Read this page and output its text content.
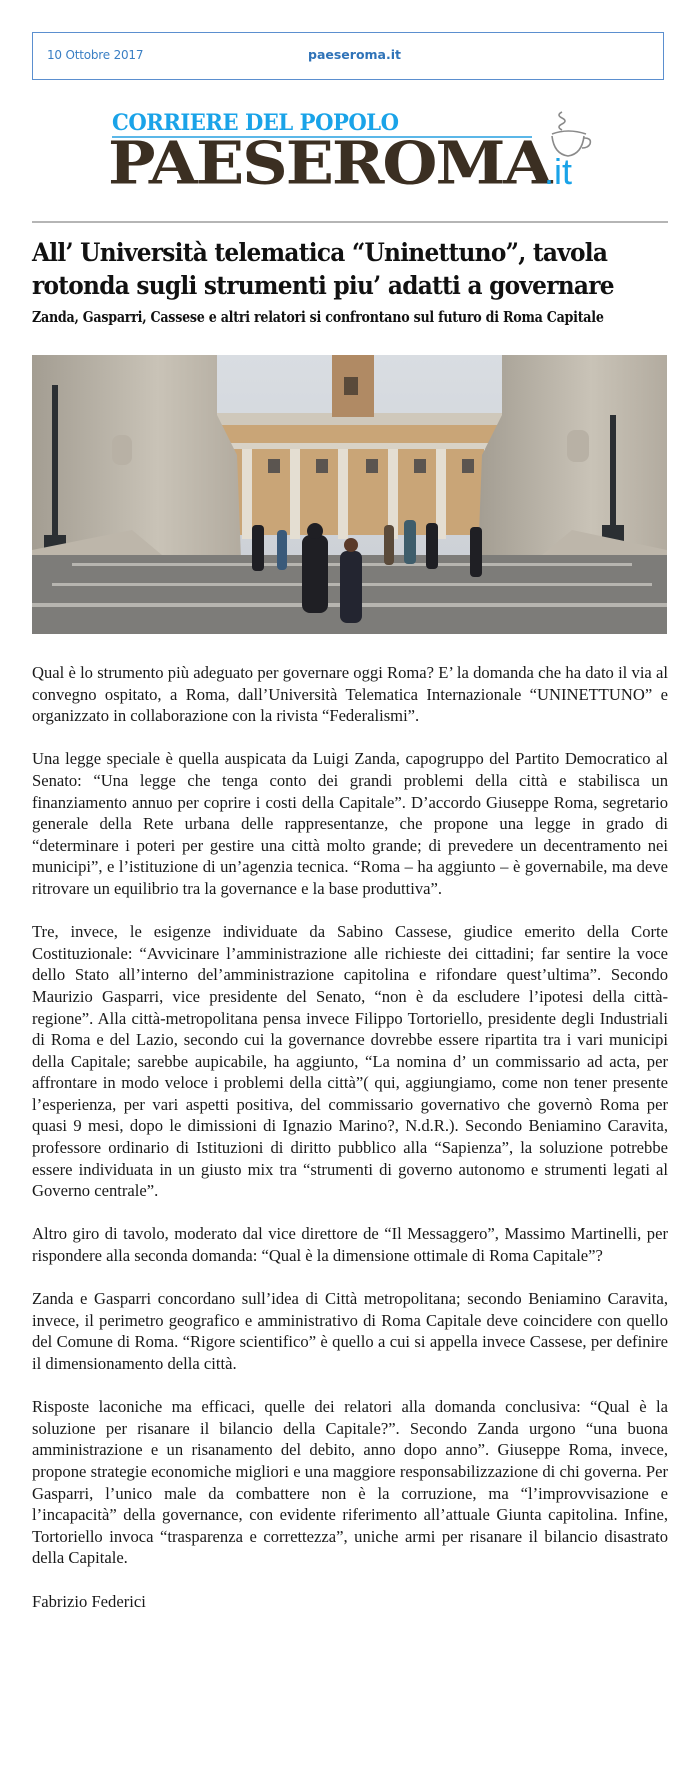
10 Ottobre 2017	paeseroma.it
CORRIERE DEL POPOLO
PAESEROMA
.it
All’ Università telematica “Uninettuno”, tavola rotonda sugli strumenti piu’ adatti a governare
Zanda, Gasparri, Cassese e altri relatori si confrontano sul futuro di Roma Capitale

Qual è lo strumento più adeguato per governare oggi Roma? E’ la domanda che ha dato il via al convegno ospitato, a Roma, dall’Università Telematica Internazionale “UNINETTUNO” e organizzato in collaborazione con la rivista “Federalismi”.

Una legge speciale è quella auspicata da Luigi Zanda, capogruppo del Partito Democratico al Senato: “Una legge che tenga conto dei grandi problemi della città e stabilisca un finanziamento annuo per coprire i costi della Capitale”. D’accordo Giuseppe Roma, segretario generale della Rete urbana delle rappresentanze, che propone una legge in grado di “determinare i poteri per gestire una città molto grande; di prevedere un decentramento nei municipi”, e l’istituzione di un’agenzia tecnica. “Roma – ha aggiunto – è governabile, ma deve ritrovare un equilibrio tra la governance e la base produttiva”.

Tre, invece, le esigenze individuate da Sabino Cassese, giudice emerito della Corte Costituzionale: “Avvicinare l’amministrazione alle richieste dei cittadini; far sentire la voce dello Stato all’interno del’amministrazione capitolina e rifondare quest’ultima”. Secondo Maurizio Gasparri, vice presidente del Senato, “non è da escludere l’ipotesi della città-regione”. Alla città-metropolitana pensa invece Filippo Tortoriello, presidente degli Industriali di Roma e del Lazio, secondo cui la governance dovrebbe essere ripartita tra i vari municipi della Capitale; sarebbe aupicabile, ha aggiunto, “La nomina d’ un commissario ad acta, per affrontare in modo veloce i problemi della città”( qui, aggiungiamo, come non tener presente l’esperienza, per vari aspetti positiva, del commissario governativo che governò Roma per quasi 9 mesi, dopo le dimissioni di Ignazio Marino?, N.d.R.). Secondo Beniamino Caravita, professore ordinario di Istituzioni di diritto pubblico alla “Sapienza”, la soluzione potrebbe essere individuata in un giusto mix tra “strumenti di governo autonomo e strumenti legati al Governo centrale”.

Altro giro di tavolo, moderato dal vice direttore de “Il Messaggero”, Massimo Martinelli, per rispondere alla seconda domanda: “Qual è la dimensione ottimale di Roma Capitale”?

Zanda e Gasparri concordano sull’idea di Città metropolitana; secondo Beniamino Caravita, invece, il perimetro geografico e amministrativo di Roma Capitale deve coincidere con quello del Comune di Roma. “Rigore scientifico” è quello a cui si appella invece Cassese, per definire il dimensionamento della città.

Risposte laconiche ma efficaci, quelle dei relatori alla domanda conclusiva: “Qual è la soluzione per risanare il bilancio della Capitale?”. Secondo Zanda urgono “una buona amministrazione e un risanamento del debito, anno dopo anno”. Giuseppe Roma, invece, propone strategie economiche migliori e una maggiore responsabilizzazione di chi governa. Per Gasparri, l’unico male da combattere non è la corruzione, ma “l’improvvisazione e l’incapacità” della governance, con evidente riferimento all’attuale Giunta capitolina. Infine, Tortoriello invoca “trasparenza e correttezza”, uniche armi per risanare il bilancio disastrato della Capitale.

Fabrizio Federici
